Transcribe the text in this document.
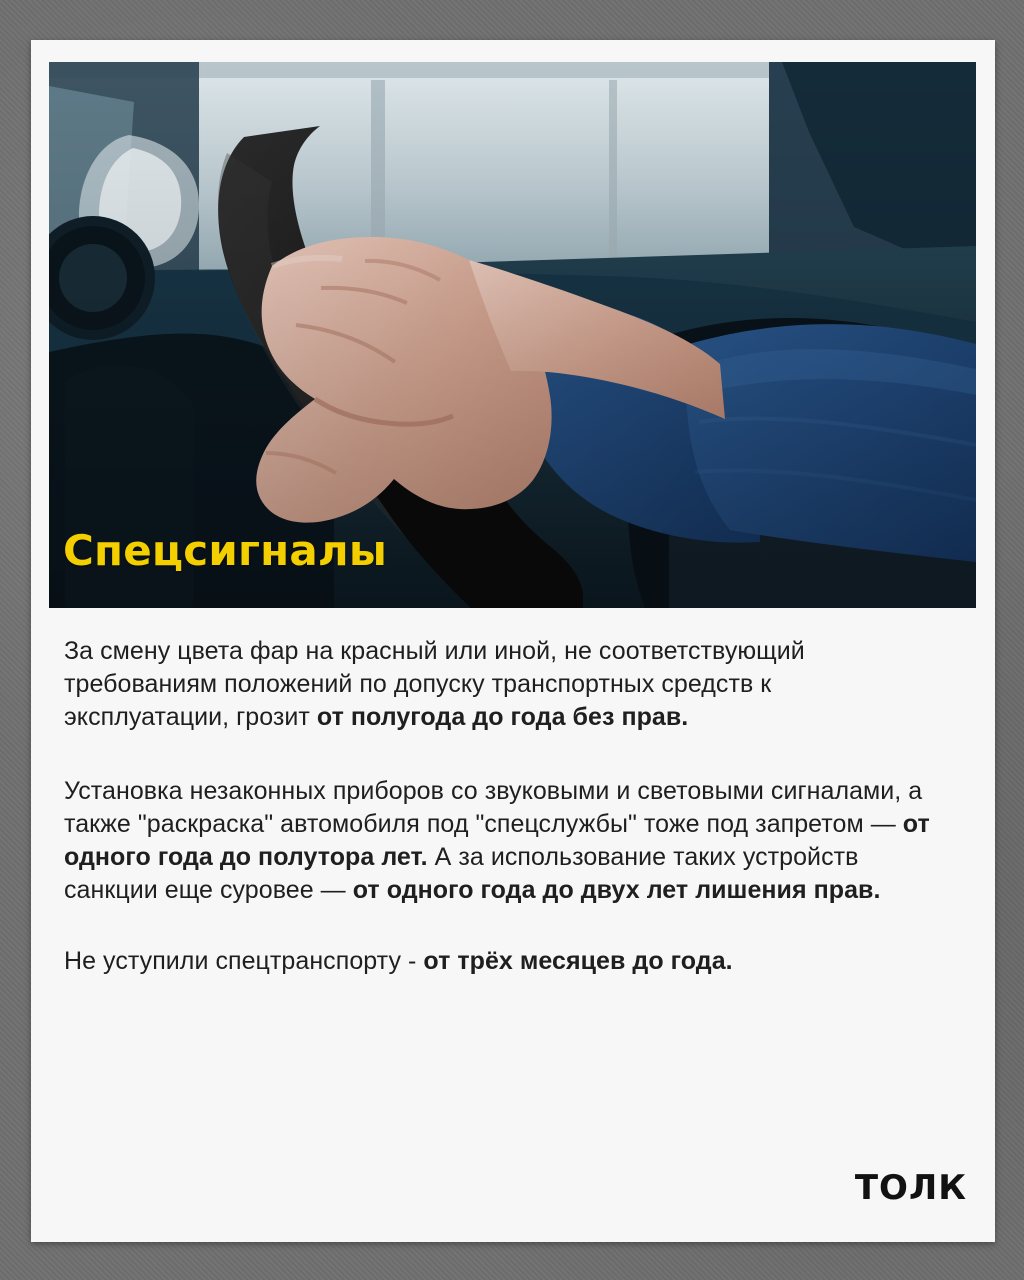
Спецсигналы

За смену цвета фар на красный или иной, не соответствующий требованиям положений по допуску транспортных средств к эксплуатации, грозит от полугода до года без прав.

Установка незаконных приборов со звуковыми и световыми сигналами, а также "раскраска" автомобиля под "спецслужбы" тоже под запретом — от одного года до полутора лет. А за использование таких устройств санкции еще суровее — от одного года до двух лет лишения прав.

Не уступили спецтранспорту - от трёх месяцев до года.

ТОЛК
